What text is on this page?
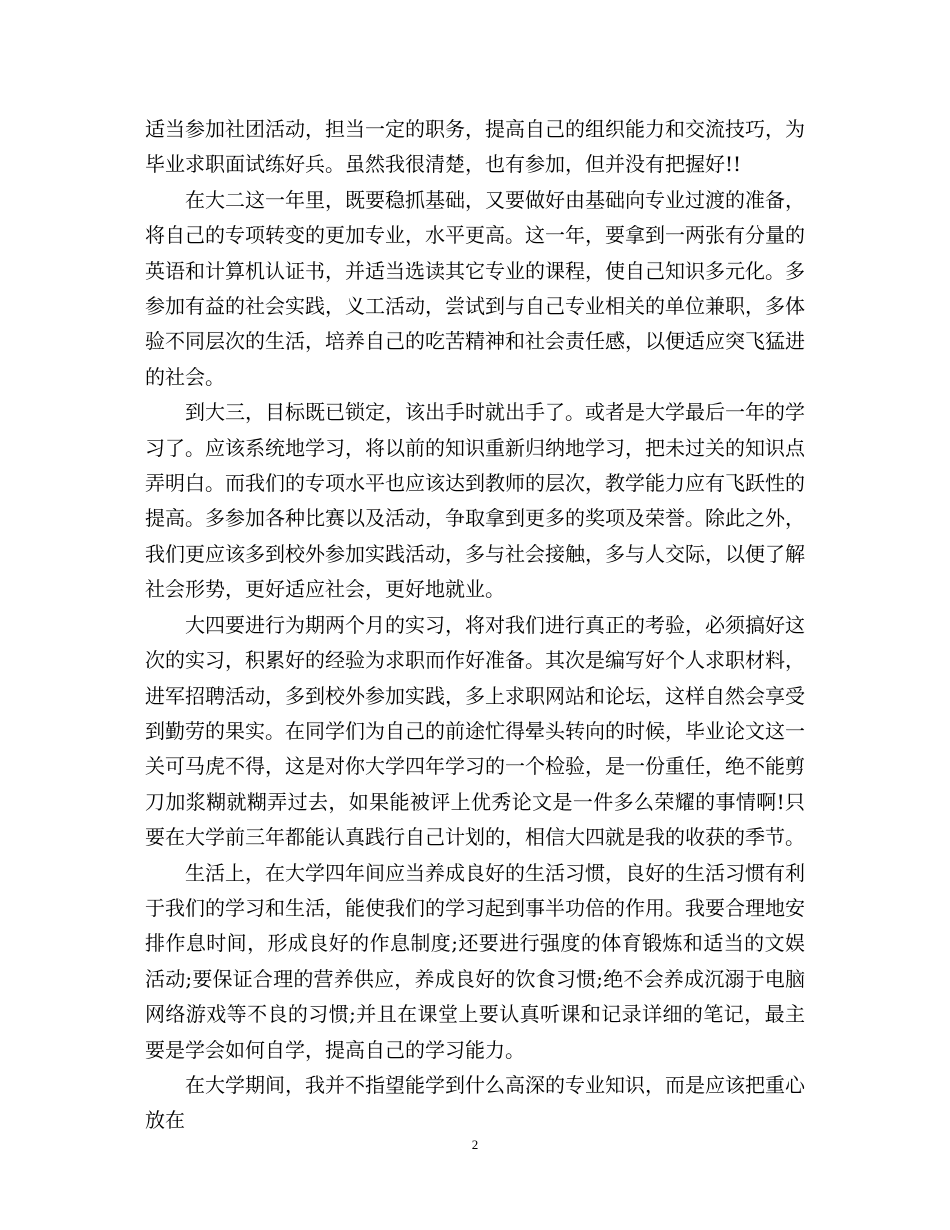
适当参加社团活动，担当一定的职务，提高自己的组织能力和交流技巧，为毕业求职面试练好兵。虽然我很清楚，也有参加，但并没有把握好!!

在大二这一年里，既要稳抓基础，又要做好由基础向专业过渡的准备，将自己的专项转变的更加专业，水平更高。这一年，要拿到一两张有分量的英语和计算机认证书，并适当选读其它专业的课程，使自己知识多元化。多参加有益的社会实践，义工活动，尝试到与自己专业相关的单位兼职，多体验不同层次的生活，培养自己的吃苦精神和社会责任感，以便适应突飞猛进的社会。

到大三，目标既已锁定，该出手时就出手了。或者是大学最后一年的学习了。应该系统地学习，将以前的知识重新归纳地学习，把未过关的知识点弄明白。而我们的专项水平也应该达到教师的层次，教学能力应有飞跃性的提高。多参加各种比赛以及活动，争取拿到更多的奖项及荣誉。除此之外，我们更应该多到校外参加实践活动，多与社会接触，多与人交际，以便了解社会形势，更好适应社会，更好地就业。

大四要进行为期两个月的实习，将对我们进行真正的考验，必须搞好这次的实习，积累好的经验为求职而作好准备。其次是编写好个人求职材料，进军招聘活动，多到校外参加实践，多上求职网站和论坛，这样自然会享受到勤劳的果实。在同学们为自己的前途忙得晕头转向的时候，毕业论文这一关可马虎不得，这是对你大学四年学习的一个检验，是一份重任，绝不能剪刀加浆糊就糊弄过去，如果能被评上优秀论文是一件多么荣耀的事情啊!只要在大学前三年都能认真践行自己计划的，相信大四就是我的收获的季节。

生活上，在大学四年间应当养成良好的生活习惯，良好的生活习惯有利于我们的学习和生活，能使我们的学习起到事半功倍的作用。我要合理地安排作息时间，形成良好的作息制度;还要进行强度的体育锻炼和适当的文娱活动;要保证合理的营养供应，养成良好的饮食习惯;绝不会养成沉溺于电脑网络游戏等不良的习惯;并且在课堂上要认真听课和记录详细的笔记，最主要是学会如何自学，提高自己的学习能力。

在大学期间，我并不指望能学到什么高深的专业知识，而是应该把重心放在

2
